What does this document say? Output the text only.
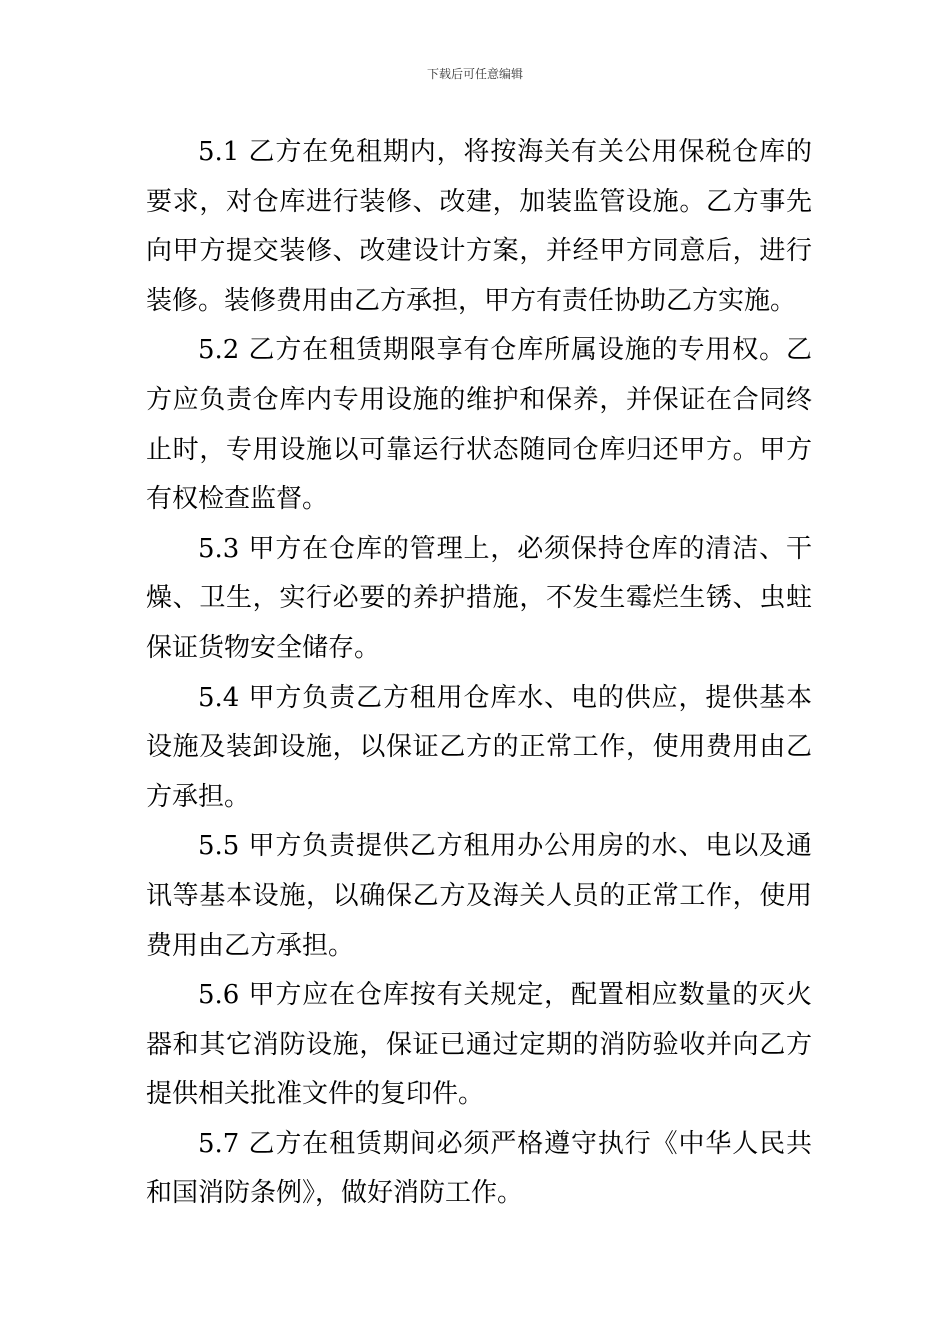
下载后可任意编辑

5.1 乙方在免租期内，将按海关有关公用保税仓库的要求，对仓库进行装修、改建，加装监管设施。乙方事先向甲方提交装修、改建设计方案，并经甲方同意后，进行装修。装修费用由乙方承担，甲方有责任协助乙方实施。

5.2 乙方在租赁期限享有仓库所属设施的专用权。乙方应负责仓库内专用设施的维护和保养，并保证在合同终止时，专用设施以可靠运行状态随同仓库归还甲方。甲方有权检查监督。

5.3 甲方在仓库的管理上，必须保持仓库的清洁、干燥、卫生，实行必要的养护措施，不发生霉烂生锈、虫蛀保证货物安全储存。

5.4 甲方负责乙方租用仓库水、电的供应，提供基本设施及装卸设施，以保证乙方的正常工作，使用费用由乙方承担。

5.5 甲方负责提供乙方租用办公用房的水、电以及通讯等基本设施，以确保乙方及海关人员的正常工作，使用费用由乙方承担。

5.6 甲方应在仓库按有关规定，配置相应数量的灭火器和其它消防设施，保证已通过定期的消防验收并向乙方提供相关批准文件的复印件。

5.7 乙方在租赁期间必须严格遵守执行《中华人民共和国消防条例》，做好消防工作。
